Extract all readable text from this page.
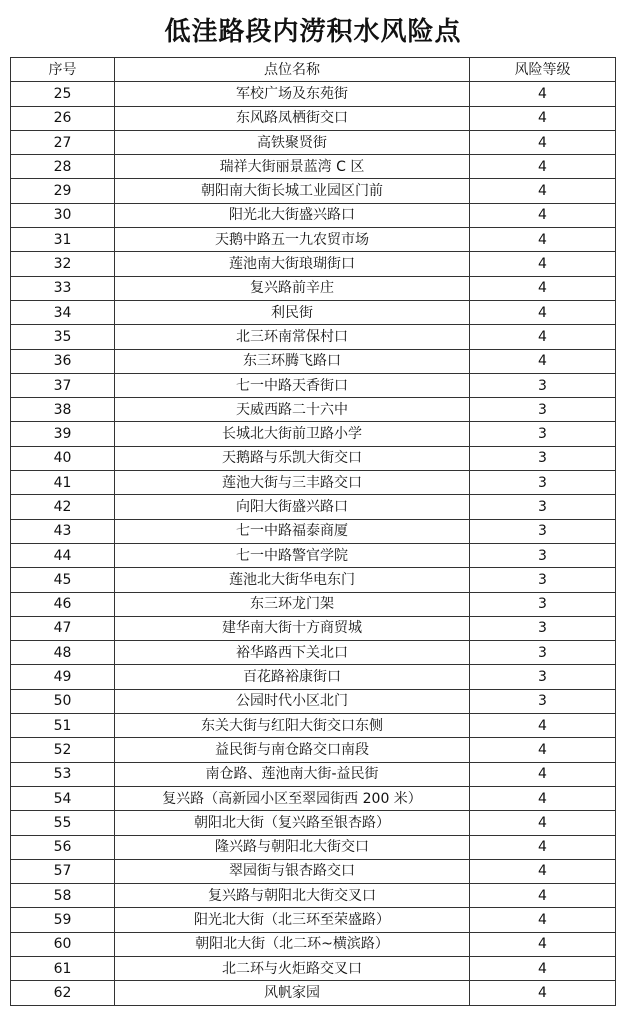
低洼路段内涝积水风险点
序号	点位名称	风险等级
25	军校广场及东苑街	4
26	东风路凤栖街交口	4
27	高铁聚贤街	4
28	瑞祥大街丽景蓝湾 C 区	4
29	朝阳南大街长城工业园区门前	4
30	阳光北大街盛兴路口	4
31	天鹅中路五一九农贸市场	4
32	莲池南大街琅瑚街口	4
33	复兴路前辛庄	4
34	利民街	4
35	北三环南常保村口	4
36	东三环腾飞路口	4
37	七一中路天香街口	3
38	天威西路二十六中	3
39	长城北大街前卫路小学	3
40	天鹅路与乐凯大街交口	3
41	莲池大街与三丰路交口	3
42	向阳大街盛兴路口	3
43	七一中路福泰商厦	3
44	七一中路警官学院	3
45	莲池北大街华电东门	3
46	东三环龙门架	3
47	建华南大街十方商贸城	3
48	裕华路西下关北口	3
49	百花路裕康街口	3
50	公园时代小区北门	3
51	东关大街与红阳大街交口东侧	4
52	益民街与南仓路交口南段	4
53	南仓路、莲池南大街-益民街	4
54	复兴路（高新园小区至翠园街西 200 米）	4
55	朝阳北大街（复兴路至银杏路）	4
56	隆兴路与朝阳北大街交口	4
57	翠园街与银杏路交口	4
58	复兴路与朝阳北大街交叉口	4
59	阳光北大街（北三环至荣盛路）	4
60	朝阳北大街（北二环~横滨路）	4
61	北二环与火炬路交叉口	4
62	风帆家园	4
